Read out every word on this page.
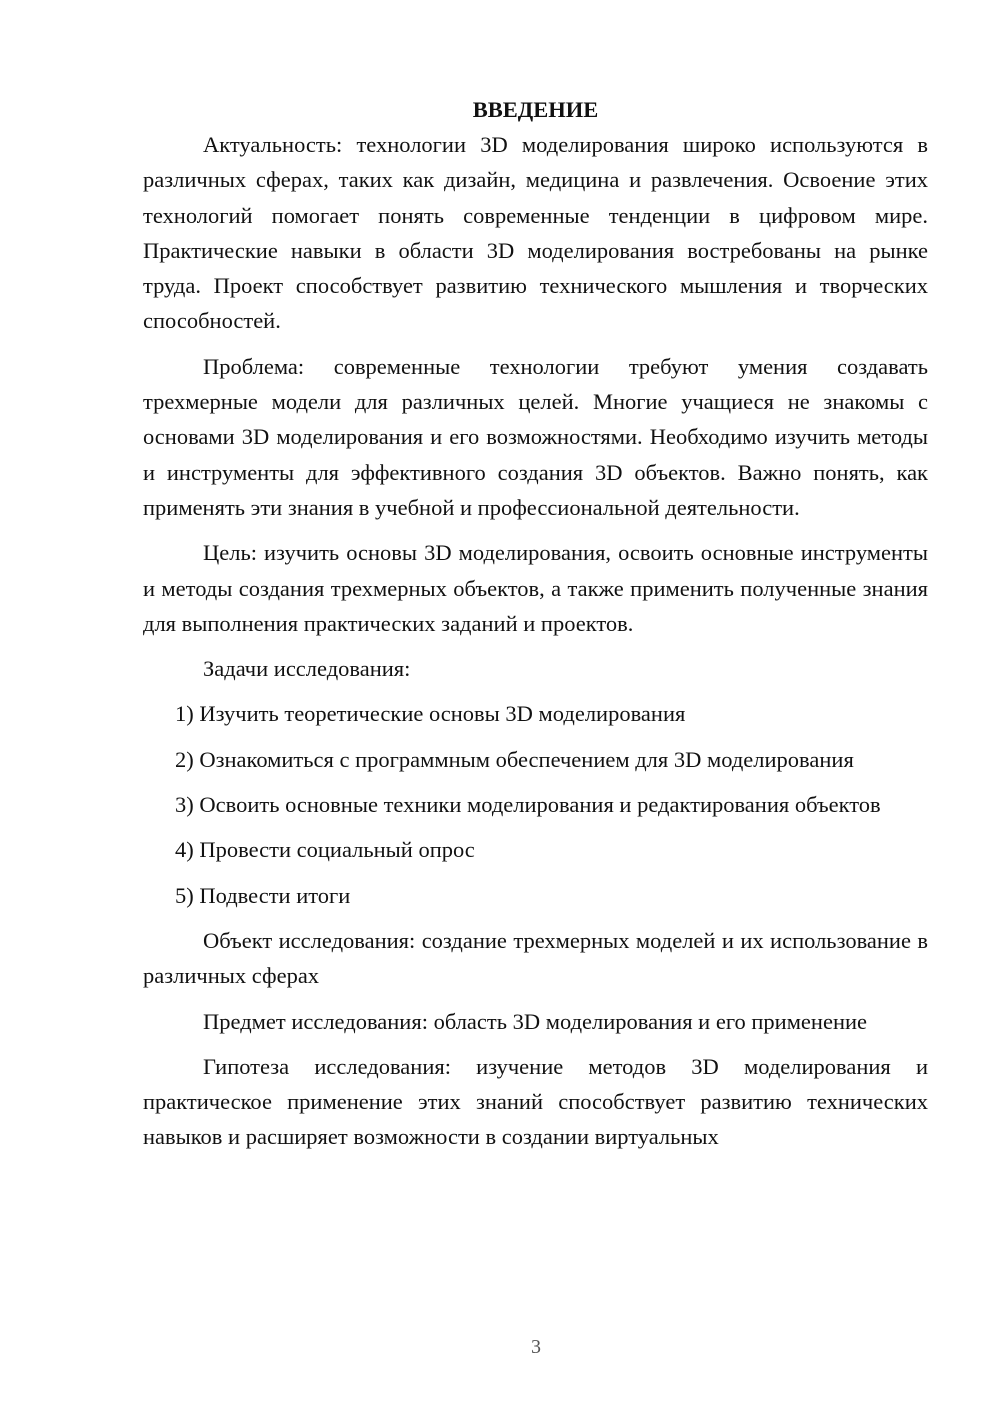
ВВЕДЕНИЕ

Актуальность: технологии 3D моделирования широко используются в различных сферах, таких как дизайн, медицина и развлечения. Освоение этих технологий помогает понять современные тенденции в цифровом мире. Практические навыки в области 3D моделирования востребованы на рынке труда. Проект способствует развитию технического мышления и творческих способностей.

Проблема: современные технологии требуют умения создавать трехмерные модели для различных целей. Многие учащиеся не знакомы с основами 3D моделирования и его возможностями. Необходимо изучить методы и инструменты для эффективного создания 3D объектов. Важно понять, как применять эти знания в учебной и профессиональной деятельности.

Цель: изучить основы 3D моделирования, освоить основные инструменты и методы создания трехмерных объектов, а также применить полученные знания для выполнения практических заданий и проектов.

Задачи исследования:

1) Изучить теоретические основы 3D моделирования

2) Ознакомиться с программным обеспечением для 3D моделирования

3) Освоить основные техники моделирования и редактирования объектов

4) Провести социальный опрос

5) Подвести итоги

Объект исследования: создание трехмерных моделей и их использование в различных сферах

Предмет исследования: область 3D моделирования и его применение

Гипотеза исследования: изучение методов 3D моделирования и практическое применение этих знаний способствует развитию технических навыков и расширяет возможности в создании виртуальных

3
